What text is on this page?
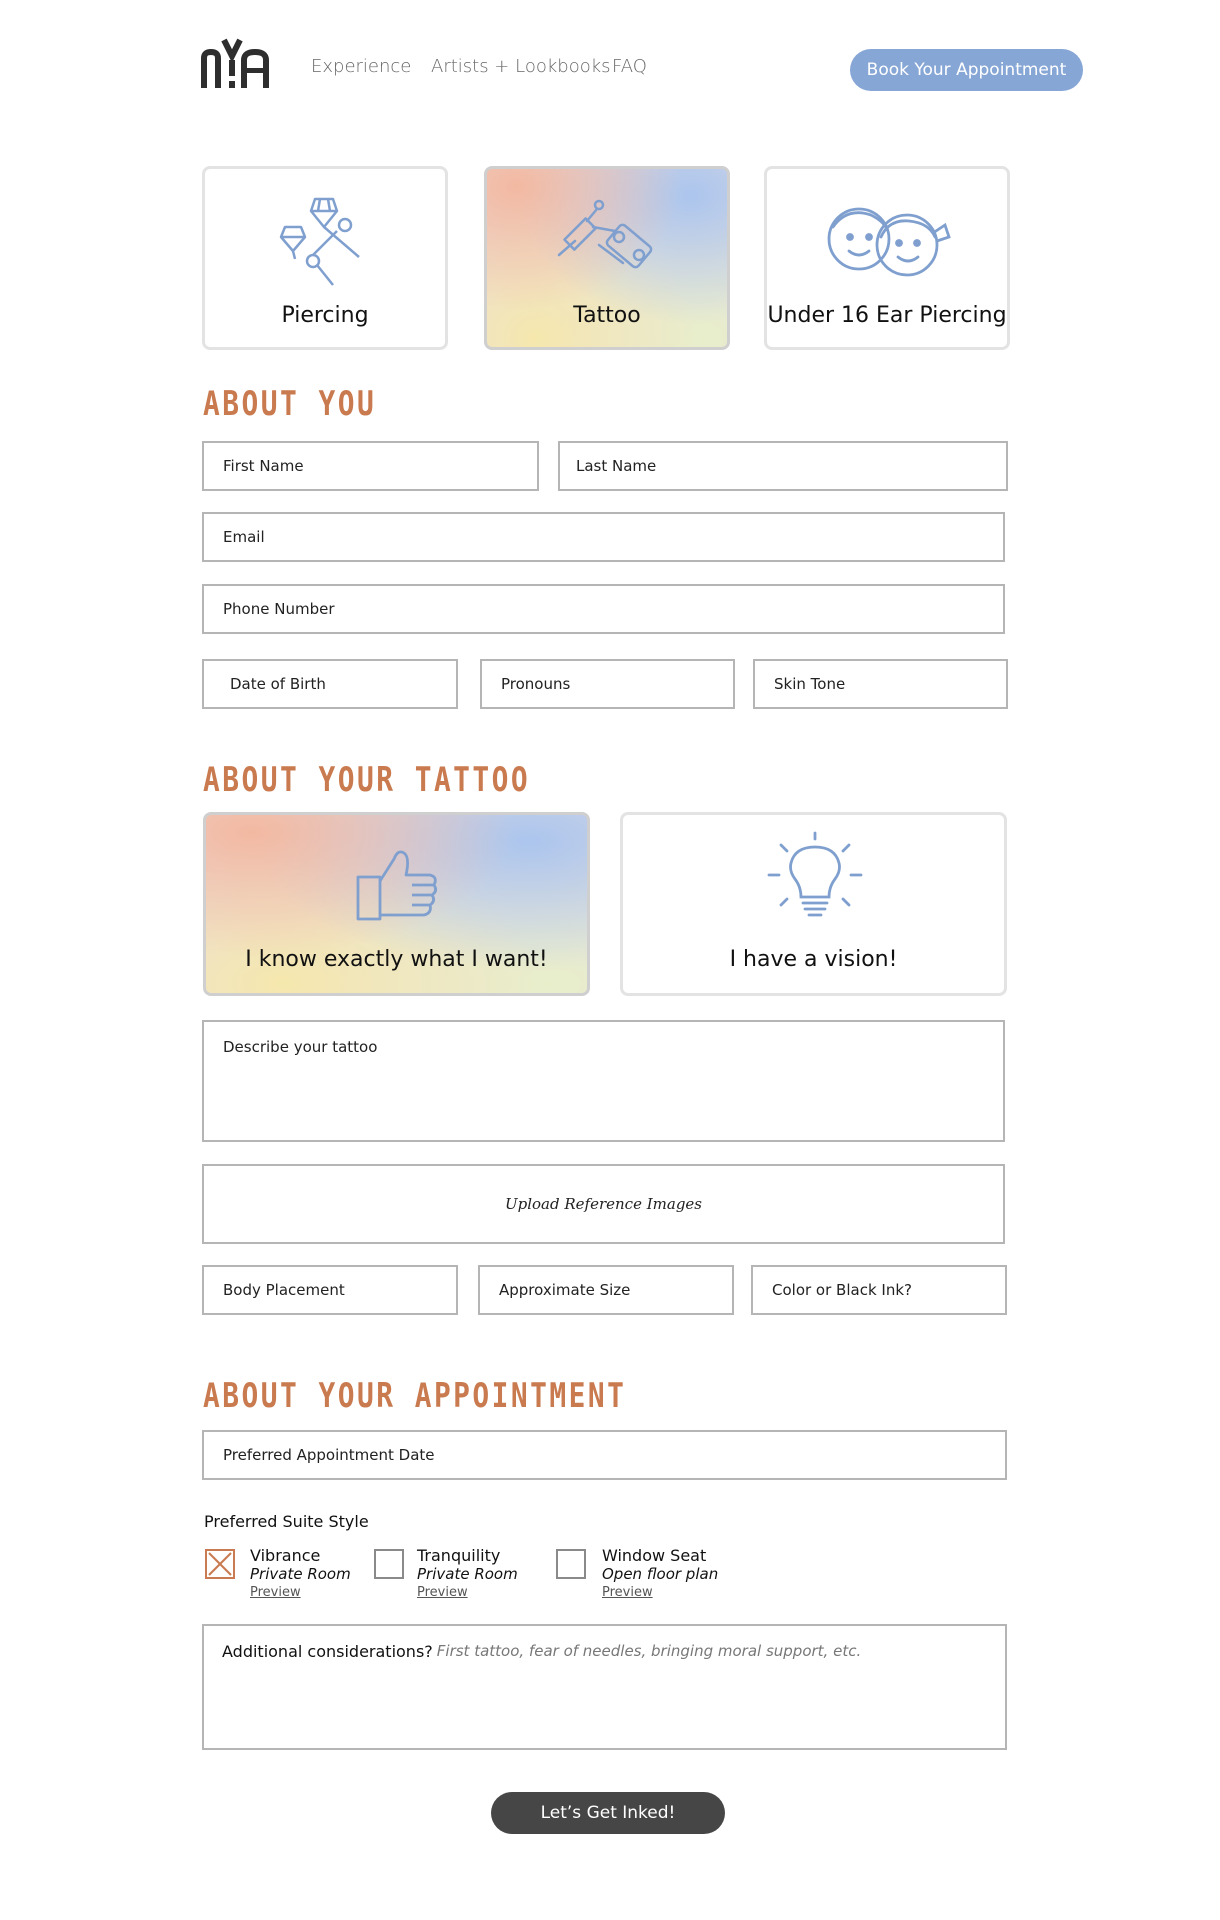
Experience Artists + Lookbooks FAQ	Book Your Appointment
Piercing	Tattoo	Under 16 Ear Piercing
ABOUT YOU
First Name	Last Name
Email
Phone Number
Date of Birth	Pronouns	Skin Tone
ABOUT YOUR TATTOO
I know exactly what I want!	I have a vision!
Describe your tattoo
Upload Reference Images
Body Placement	Approximate Size	Color or Black Ink?
ABOUT YOUR APPOINTMENT
Preferred Appointment Date
Preferred Suite Style
Vibrance
Private Room
Preview
Tranquility
Private Room
Preview
Window Seat
Open floor plan
Preview
Additional considerations? First tattoo, fear of needles, bringing moral support, etc.
Let’s Get Inked!
